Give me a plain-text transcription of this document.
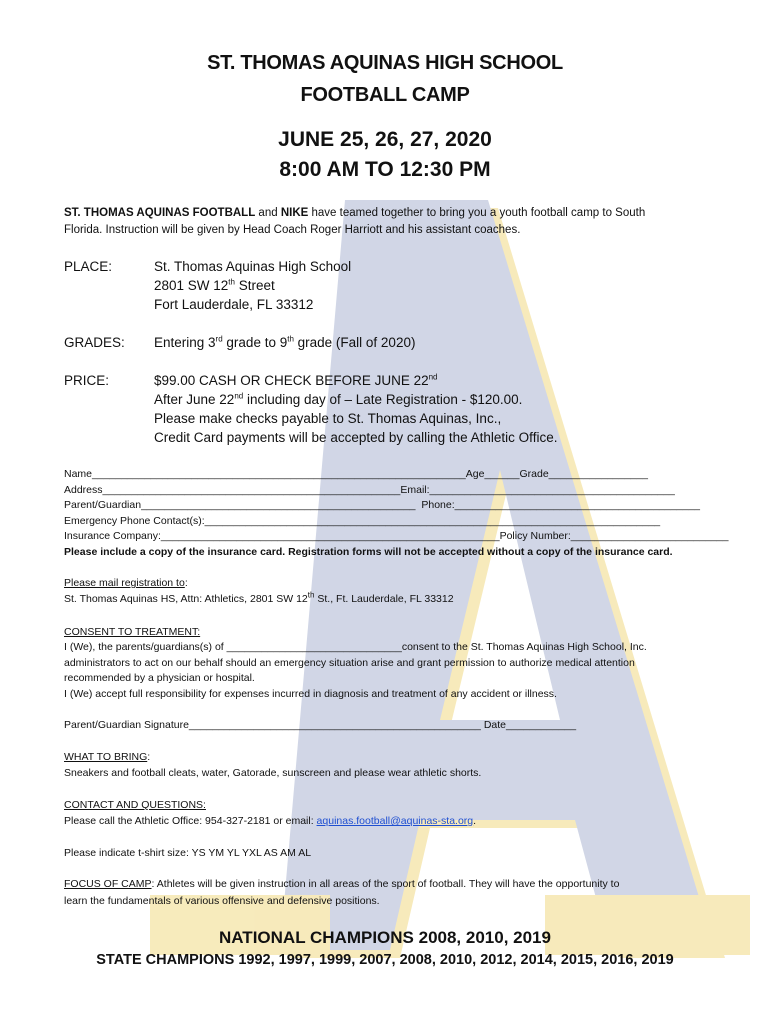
ST. THOMAS AQUINAS HIGH SCHOOL
FOOTBALL CAMP
JUNE 25, 26, 27, 2020
8:00 AM TO 12:30 PM
ST. THOMAS AQUINAS FOOTBALL and NIKE have teamed together to bring you a youth football camp to South
Florida. Instruction will be given by Head Coach Roger Harriott and his assistant coaches.
PLACE:	St. Thomas Aquinas High School
2801 SW 12th Street
Fort Lauderdale, FL 33312
GRADES: Entering 3rd grade to 9th grade (Fall of 2020)
PRICE:	$99.00 CASH OR CHECK BEFORE JUNE 22nd
After June 22nd including day of – Late Registration - $120.00.
Please make checks payable to St. Thomas Aquinas, Inc.,
Credit Card payments will be accepted by calling the Athletic Office.
Name________________________________________________________________Age______Grade_________________
Address___________________________________________________Email:__________________________________________
Parent/Guardian_______________________________________________ Phone:__________________________________________
Emergency Phone Contact(s):______________________________________________________________________________
Insurance Company:__________________________________________________________Policy Number:___________________________
Please include a copy of the insurance card. Registration forms will not be accepted without a copy of the insurance card.
Please mail registration to:
St. Thomas Aquinas HS, Attn: Athletics, 2801 SW 12th St., Ft. Lauderdale, FL 33312
CONSENT TO TREATMENT:
I (We), the parents/guardians(s) of ______________________________consent to the St. Thomas Aquinas High School, Inc.
administrators to act on our behalf should an emergency situation arise and grant permission to authorize medical attention
recommended by a physician or hospital.
I (We) accept full responsibility for expenses incurred in diagnosis and treatment of any accident or illness.
Parent/Guardian Signature__________________________________________________ Date____________
WHAT TO BRING:
Sneakers and football cleats, water, Gatorade, sunscreen and please wear athletic shorts.
CONTACT AND QUESTIONS:
Please call the Athletic Office: 954-327-2181 or email: aquinas.football@aquinas-sta.org.
Please indicate t-shirt size: YS YM YL YXL AS AM AL
FOCUS OF CAMP: Athletes will be given instruction in all areas of the sport of football. They will have the opportunity to
learn the fundamentals of various offensive and defensive positions.
NATIONAL CHAMPIONS 2008, 2010, 2019
STATE CHAMPIONS 1992, 1997, 1999, 2007, 2008, 2010, 2012, 2014, 2015, 2016, 2019
